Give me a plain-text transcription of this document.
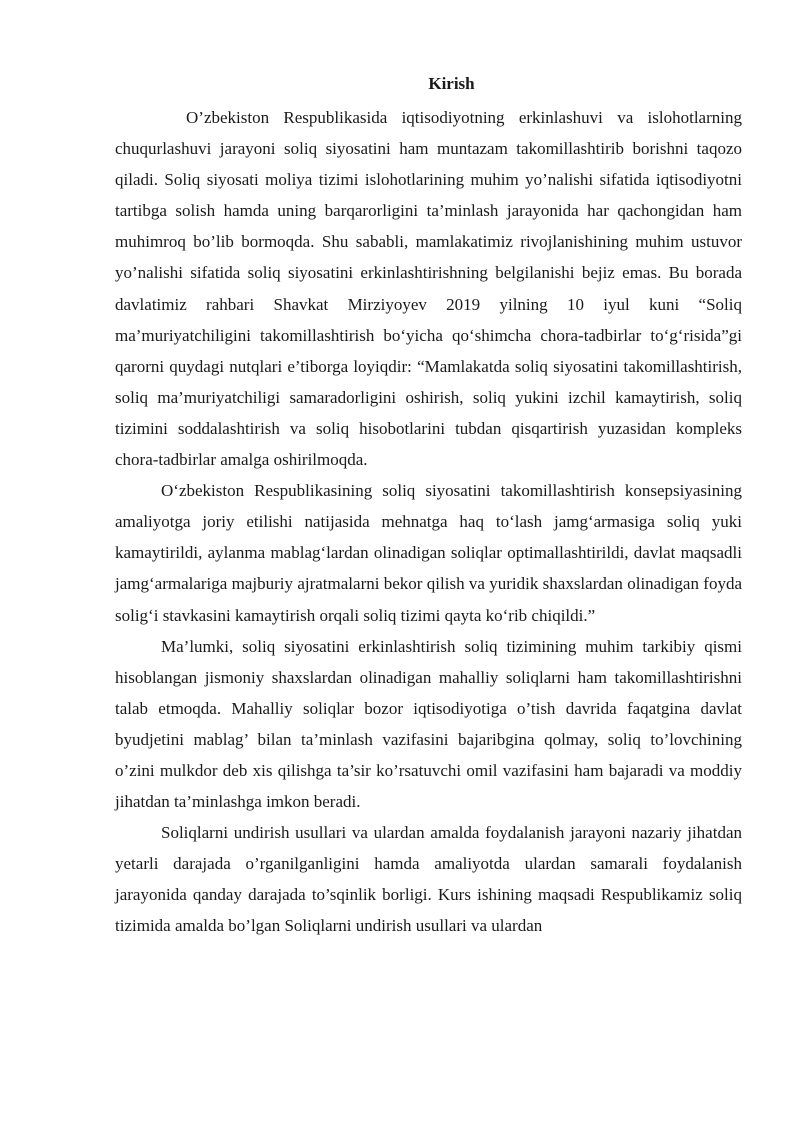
Kirish

O’zbekiston Respublikasida iqtisodiyotning erkinlashuvi va islohotlarning chuqurlashuvi jarayoni soliq siyosatini ham muntazam takomillashtirib borishni taqozo qiladi. Soliq siyosati moliya tizimi islohotlarining muhim yo’nalishi sifatida iqtisodiyotni tartibga solish hamda uning barqarorligini ta’minlash jarayonida har qachongidan ham muhimroq bo’lib bormoqda. Shu sababli, mamlakatimiz rivojlanishining muhim ustuvor yo’nalishi sifatida soliq siyosatini erkinlashtirishning belgilanishi bejiz emas. Bu borada davlatimiz rahbari Shavkat Mirziyoyev 2019 yilning 10 iyul kuni “Soliq ma’muriyatchiligini takomillashtirish bo‘yicha qo‘shimcha chora-tadbirlar to‘g‘risida”gi qarorni quydagi nutqlari e’tiborga loyiqdir: “Mamlakatda soliq siyosatini takomillashtirish, soliq ma’muriyatchiligi samaradorligini oshirish, soliq yukini izchil kamaytirish, soliq tizimini soddalashtirish va soliq hisobotlarini tubdan qisqartirish yuzasidan kompleks chora-tadbirlar amalga oshirilmoqda.

O‘zbekiston Respublikasining soliq siyosatini takomillashtirish konsepsiyasining amaliyotga joriy etilishi natijasida mehnatga haq to‘lash jamg‘armasiga soliq yuki kamaytirildi, aylanma mablag‘lardan olinadigan soliqlar optimallashtirildi, davlat maqsadli jamg‘armalariga majburiy ajratmalarni bekor qilish va yuridik shaxslardan olinadigan foyda solig‘i stavkasini kamaytirish orqali soliq tizimi qayta ko‘rib chiqildi.”

Ma’lumki, soliq siyosatini erkinlashtirish soliq tizimining muhim tarkibiy qismi hisoblangan jismoniy shaxslardan olinadigan mahalliy soliqlarni ham takomillashtirishni talab etmoqda. Mahalliy soliqlar bozor iqtisodiyotiga o’tish davrida faqatgina davlat byudjetini mablag’ bilan ta’minlash vazifasini bajaribgina qolmay, soliq to’lovchining o’zini mulkdor deb xis qilishga ta’sir ko’rsatuvchi omil vazifasini ham bajaradi va moddiy jihatdan ta’minlashga imkon beradi.

Soliqlarni undirish usullari va ulardan amalda foydalanish jarayoni nazariy jihatdan yetarli darajada o’rganilganligini hamda amaliyotda ulardan samarali foydalanish jarayonida qanday darajada to’sqinlik borligi. Kurs ishining maqsadi Respublikamiz soliq tizimida amalda bo’lgan Soliqlarni undirish usullari va ulardan
